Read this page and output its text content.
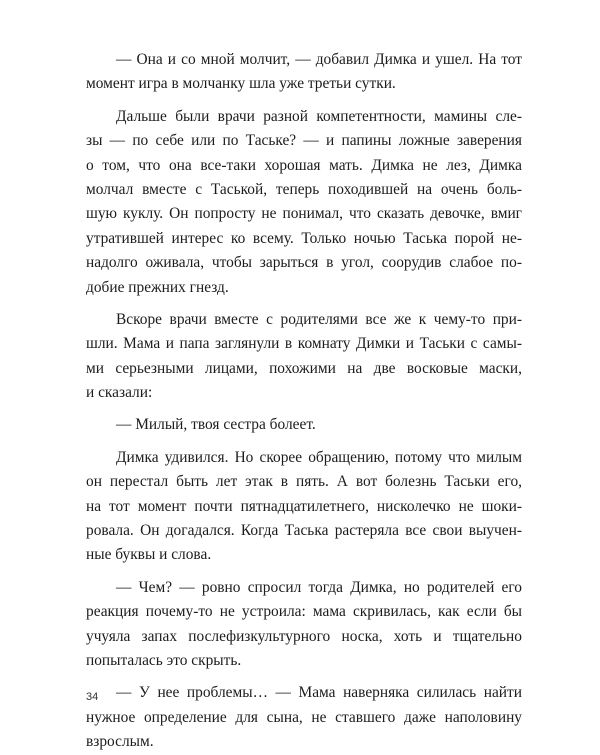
— Она и со мной молчит, — добавил Димка и ушел. На тот
момент игра в молчанку шла уже третьи сутки.
Дальше были врачи разной компетентности, мамины сле-
зы — по себе или по Таське? — и папины ложные заверения
о том, что она все-таки хорошая мать. Димка не лез, Димка
молчал вместе с Таськой, теперь походившей на очень боль-
шую куклу. Он попросту не понимал, что сказать девочке, вмиг
утратившей интерес ко всему. Только ночью Таська порой не-
надолго оживала, чтобы зарыться в угол, соорудив слабое по-
добие прежних гнезд.
Вскоре врачи вместе с родителями все же к чему-то при-
шли. Мама и папа заглянули в комнату Димки и Таськи с самы-
ми серьезными лицами, похожими на две восковые маски,
и сказали:
— Милый, твоя сестра болеет.
Димка удивился. Но скорее обращению, потому что милым
он перестал быть лет этак в пять. А вот болезнь Таськи его,
на тот момент почти пятнадцатилетнего, нисколечко не шоки-
ровала. Он догадался. Когда Таська растеряла все свои выучен-
ные буквы и слова.
— Чем? — ровно спросил тогда Димка, но родителей его
реакция почему-то не устроила: мама скривилась, как если бы
учуяла запах послефизкультурного носка, хоть и тщательно
попыталась это скрыть.
— У нее проблемы… — Мама наверняка силилась найти
нужное определение для сына, не ставшего даже наполовину
взрослым.
34
